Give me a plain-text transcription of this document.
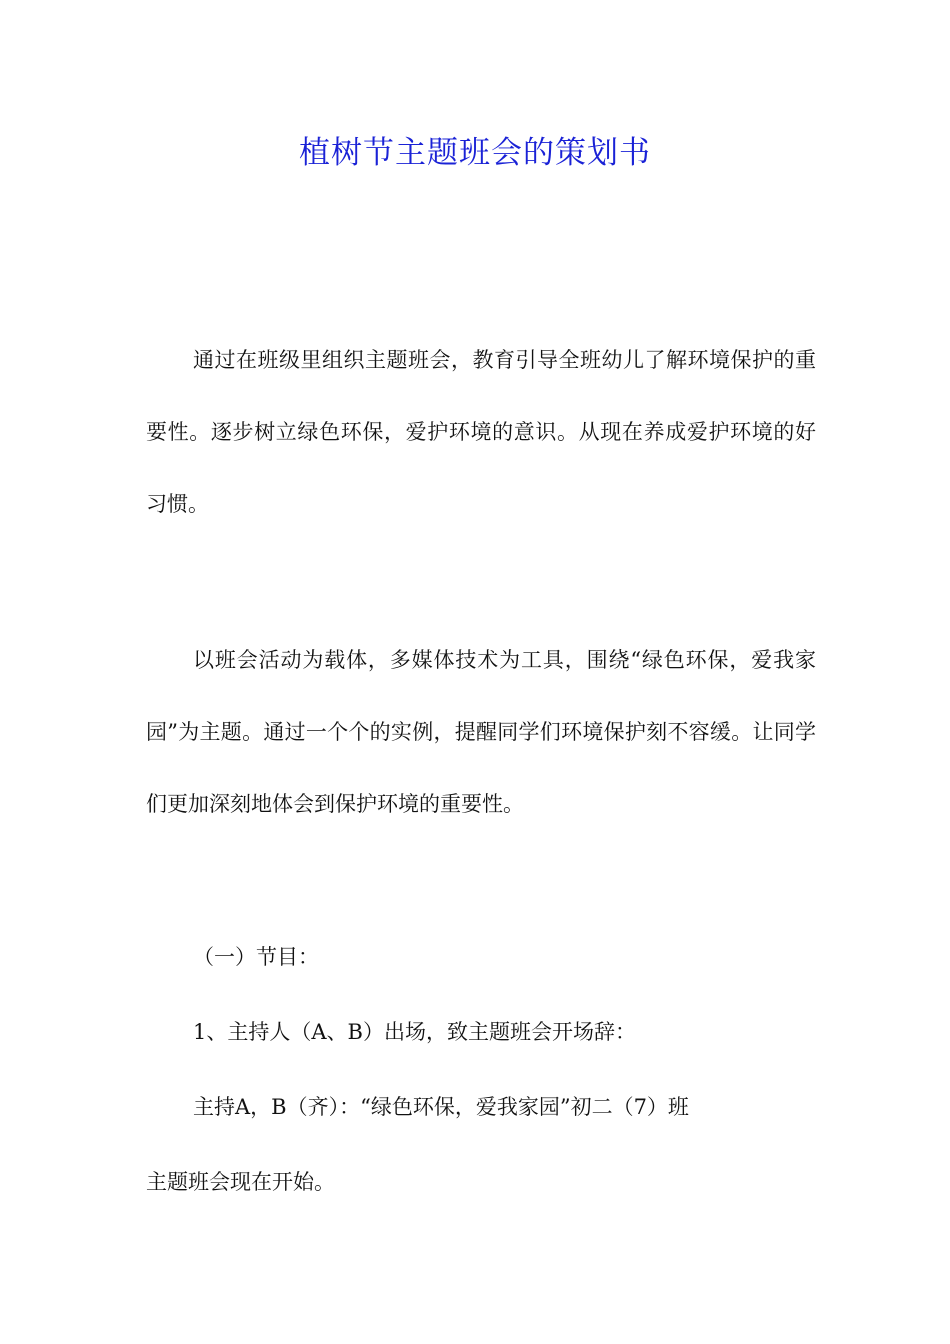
植树节主题班会的策划书

通过在班级里组织主题班会，教育引导全班幼儿了解环境保护的重要性。逐步树立绿色环保，爱护环境的意识。从现在养成爱护环境的好习惯。

以班会活动为载体，多媒体技术为工具，围绕“绿色环保，爱我家园”为主题。通过一个个的实例，提醒同学们环境保护刻不容缓。让同学们更加深刻地体会到保护环境的重要性。

（一）节目：
1、主持人（A、B）出场，致主题班会开场辞：
主持A，B（齐）：“绿色环保，爱我家园”初二（7）班
主题班会现在开始。
